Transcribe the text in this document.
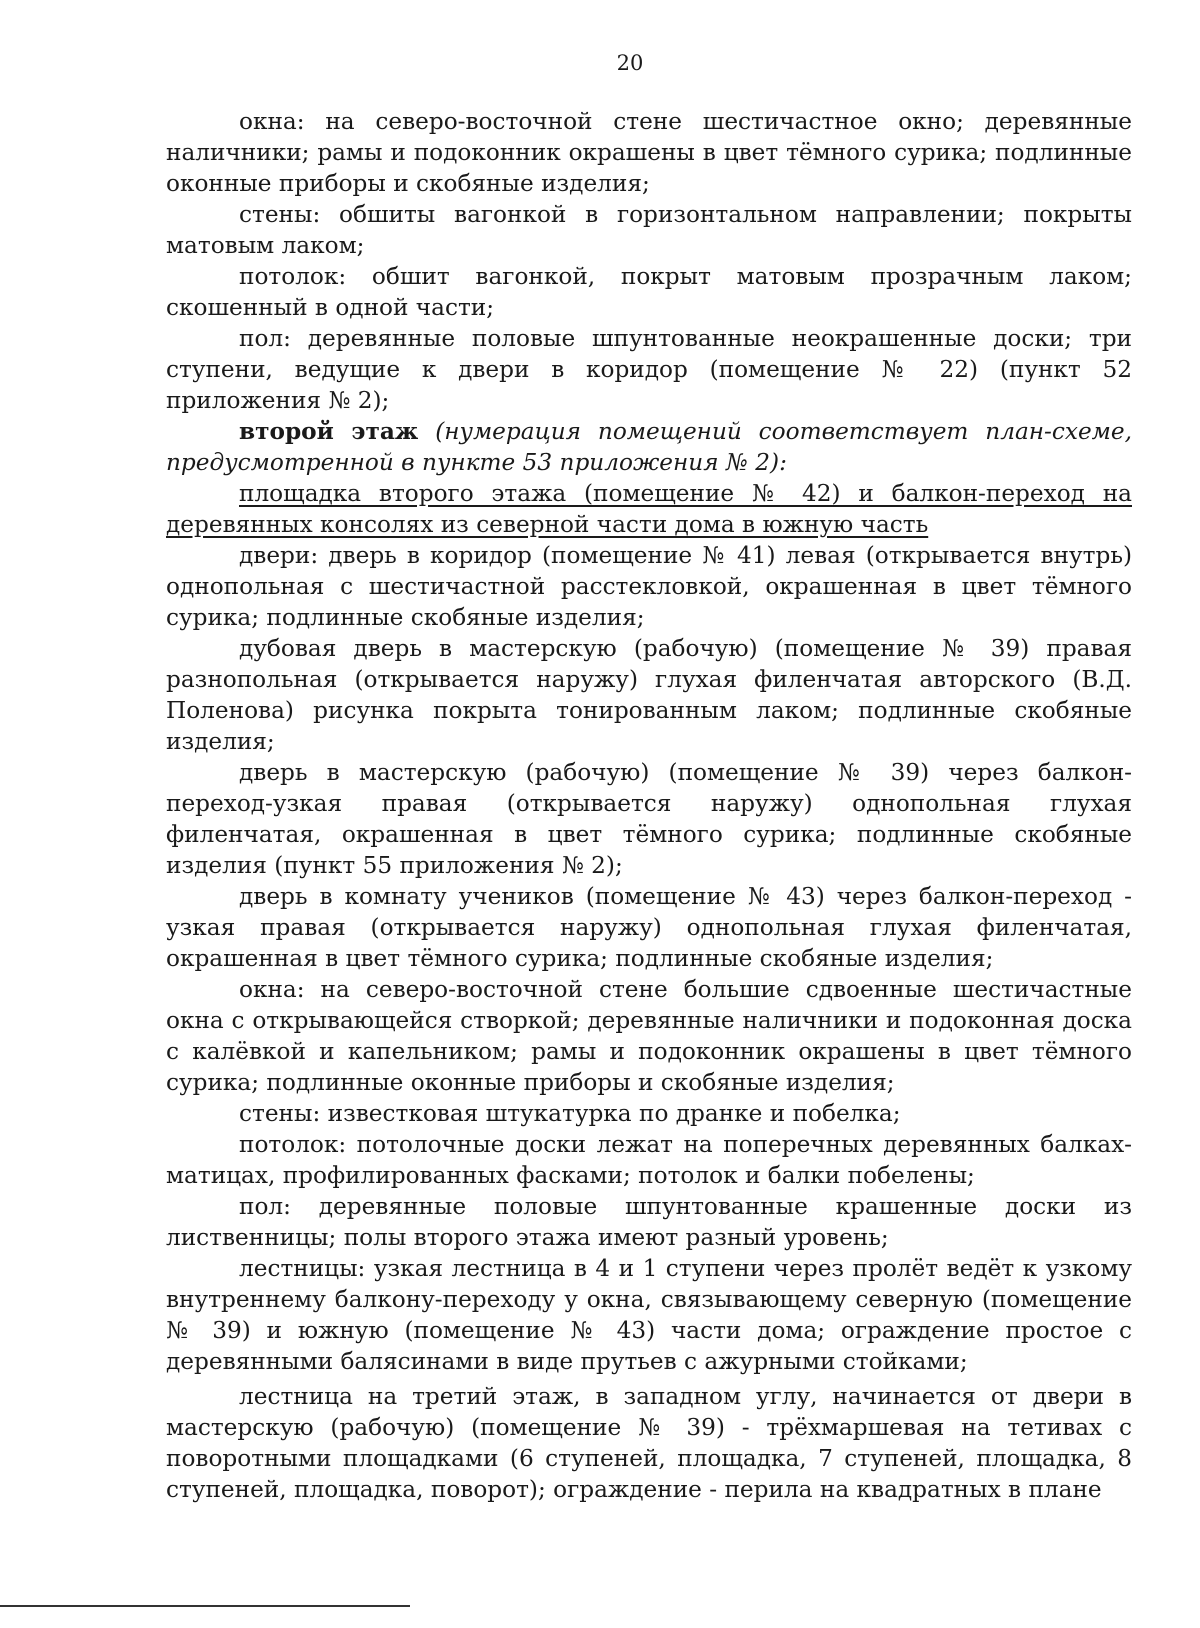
20

окна: на северо-восточной стене шестичастное окно; деревянные наличники; рамы и подоконник окрашены в цвет тёмного сурика; подлинные оконные приборы и скобяные изделия;

стены: обшиты вагонкой в горизонтальном направлении; покрыты матовым лаком;

потолок: обшит вагонкой, покрыт матовым прозрачным лаком; скошенный в одной части;

пол: деревянные половые шпунтованные неокрашенные доски; три ступени, ведущие к двери в коридор (помещение № 22) (пункт 52 приложения № 2);

второй этаж (нумерация помещений соответствует план-схеме, предусмотренной в пункте 53 приложения № 2):

площадка второго этажа (помещение № 42) и балкон-переход на деревянных консолях из северной части дома в южную часть

двери: дверь в коридор (помещение № 41) левая (открывается внутрь) однопольная с шестичастной расстекловкой, окрашенная в цвет тёмного сурика; подлинные скобяные изделия;

дубовая дверь в мастерскую (рабочую) (помещение № 39) правая разнопольная (открывается наружу) глухая филенчатая авторского (В.Д. Поленова) рисунка покрыта тонированным лаком; подлинные скобяные изделия;

дверь в мастерскую (рабочую) (помещение № 39) через балкон-переход-узкая правая (открывается наружу) однопольная глухая филенчатая, окрашенная в цвет тёмного сурика; подлинные скобяные изделия (пункт 55 приложения № 2);

дверь в комнату учеников (помещение № 43) через балкон-переход - узкая правая (открывается наружу) однопольная глухая филенчатая, окрашенная в цвет тёмного сурика; подлинные скобяные изделия;

окна: на северо-восточной стене большие сдвоенные шестичастные окна с открывающейся створкой; деревянные наличники и подоконная доска с калёвкой и капельником; рамы и подоконник окрашены в цвет тёмного сурика; подлинные оконные приборы и скобяные изделия;

стены: известковая штукатурка по дранке и побелка;

потолок: потолочные доски лежат на поперечных деревянных балках-матицах, профилированных фасками; потолок и балки побелены;

пол: деревянные половые шпунтованные крашенные доски из лиственницы; полы второго этажа имеют разный уровень;

лестницы: узкая лестница в 4 и 1 ступени через пролёт ведёт к узкому внутреннему балкону-переходу у окна, связывающему северную (помещение № 39) и южную (помещение № 43) части дома; ограждение простое с деревянными балясинами в виде прутьев с ажурными стойками;

лестница на третий этаж, в западном углу, начинается от двери в мастерскую (рабочую) (помещение № 39) - трёхмаршевая на тетивах с поворотными площадками (6 ступеней, площадка, 7 ступеней, площадка, 8 ступеней, площадка, поворот); ограждение - перила на квадратных в плане
